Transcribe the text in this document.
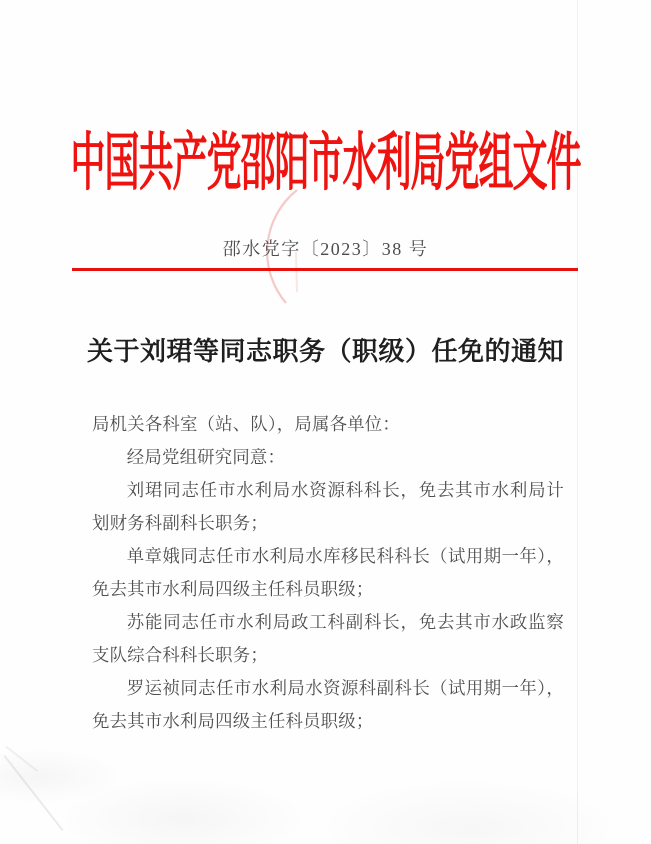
中国共产党邵阳市水利局党组文件
邵水党字〔2023〕38 号
关于刘珺等同志职务（职级）任免的通知

局机关各科室（站、队），局属各单位：

经局党组研究同意：

刘珺同志任市水利局水资源科科长，免去其市水利局计

划财务科副科长职务；

单章娥同志任市水利局水库移民科科长（试用期一年），

免去其市水利局四级主任科员职级；

苏能同志任市水利局政工科副科长，免去其市水政监察

支队综合科科长职务；

罗运祯同志任市水利局水资源科副科长（试用期一年），

免去其市水利局四级主任科员职级；
